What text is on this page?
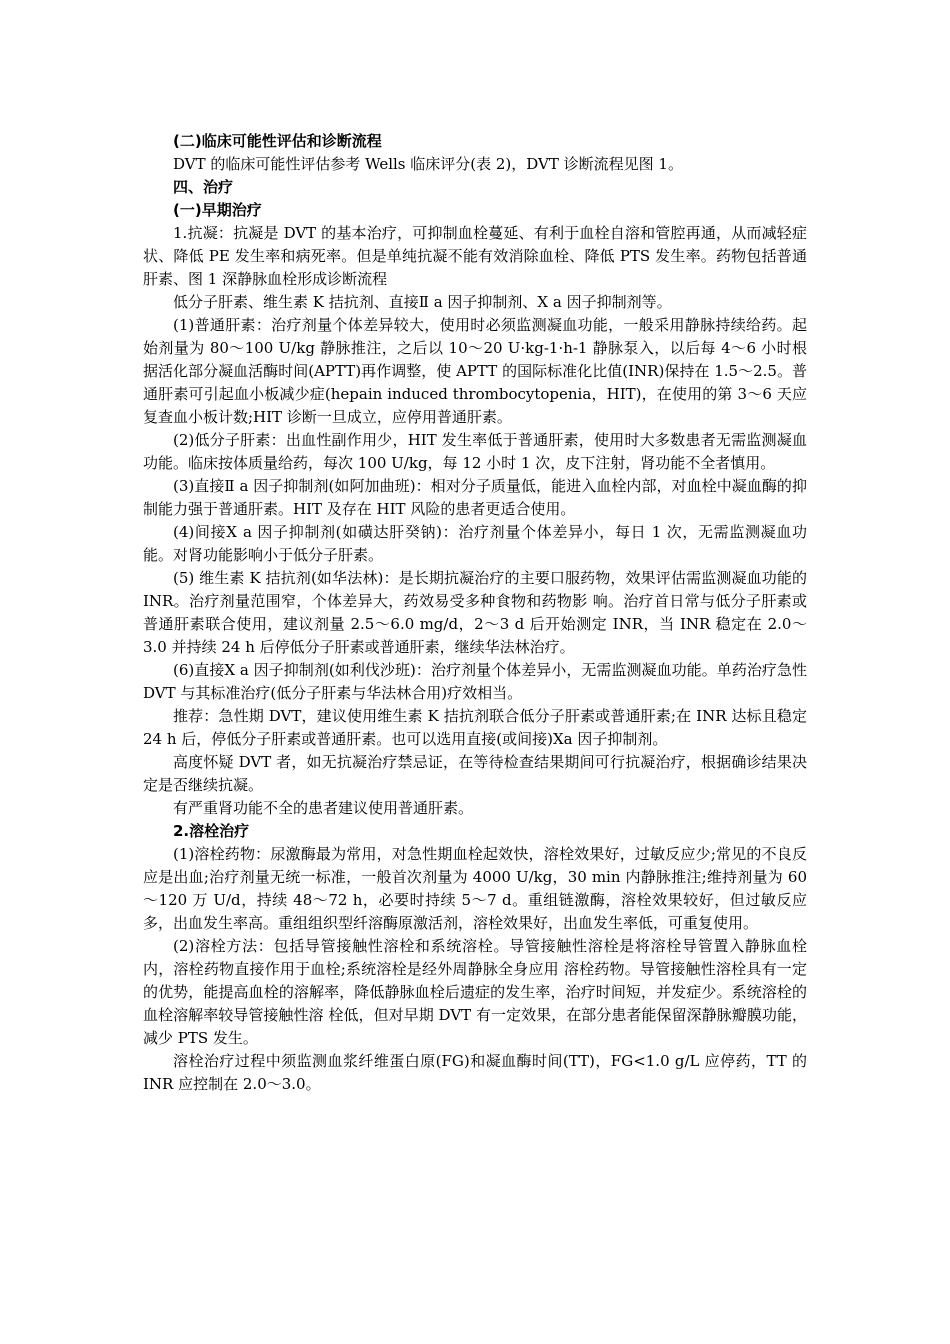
(二)临床可能性评估和诊断流程

DVT 的临床可能性评估参考 Wells 临床评分(表 2)，DVT 诊断流程见图 1。

四、治疗

(一)早期治疗

1.抗凝：抗凝是 DVT 的基本治疗，可抑制血栓蔓延、有利于血栓自溶和管腔再通，从而减轻症状、降低 PE 发生率和病死率。但是单纯抗凝不能有效消除血栓、降低 PTS 发生率。药物包括普通肝素、图 1 深静脉血栓形成诊断流程

低分子肝素、维生素 K 拮抗剂、直接Ⅱ a 因子抑制剂、Ⅹ a 因子抑制剂等。

(1)普通肝素：治疗剂量个体差异较大，使用时必须监测凝血功能，一般采用静脉持续给药。起始剂量为 80～100 U/kg 静脉推注，之后以 10～20 U·kg-1·h-1 静脉泵入，以后每 4～6 小时根据活化部分凝血活酶时间(APTT)再作调整，使 APTT 的国际标准化比值(INR)保持在 1.5～2.5。普通肝素可引起血小板减少症(hepain induced thrombocytopenia，HIT)，在使用的第 3～6 天应复查血小板计数;HIT 诊断一旦成立，应停用普通肝素。

(2)低分子肝素：出血性副作用少，HIT 发生率低于普通肝素，使用时大多数患者无需监测凝血功能。临床按体质量给药，每次 100 U/kg，每 12 小时 1 次，皮下注射，肾功能不全者慎用。

(3)直接Ⅱ a 因子抑制剂(如阿加曲班)：相对分子质量低，能进入血栓内部，对血栓中凝血酶的抑制能力强于普通肝素。HIT 及存在 HIT 风险的患者更适合使用。

(4)间接Ⅹ a 因子抑制剂(如磺达肝癸钠)：治疗剂量个体差异小，每日 1 次，无需监测凝血功能。对肾功能影响小于低分子肝素。

(5) 维生素 K 拮抗剂(如华法林)：是长期抗凝治疗的主要口服药物，效果评估需监测凝血功能的 INR。治疗剂量范围窄，个体差异大，药效易受多种食物和药物影 响。治疗首日常与低分子肝素或普通肝素联合使用，建议剂量 2.5～6.0 mg/d，2～3 d 后开始测定 INR，当 INR 稳定在 2.0～3.0 并持续 24 h 后停低分子肝素或普通肝素，继续华法林治疗。

(6)直接Ⅹ a 因子抑制剂(如利伐沙班)：治疗剂量个体差异小，无需监测凝血功能。单药治疗急性 DVT 与其标准治疗(低分子肝素与华法林合用)疗效相当。

推荐：急性期 DVT，建议使用维生素 K 拮抗剂联合低分子肝素或普通肝素;在 INR 达标且稳定 24 h 后，停低分子肝素或普通肝素。也可以选用直接(或间接)Xa 因子抑制剂。

高度怀疑 DVT 者，如无抗凝治疗禁忌证，在等待检查结果期间可行抗凝治疗，根据确诊结果决定是否继续抗凝。

有严重肾功能不全的患者建议使用普通肝素。

2.溶栓治疗

(1)溶栓药物：尿激酶最为常用，对急性期血栓起效快，溶栓效果好，过敏反应少;常见的不良反应是出血;治疗剂量无统一标准，一般首次剂量为 4000 U/kg，30 min 内静脉推注;维持剂量为 60～120 万 U/d，持续 48～72 h，必要时持续 5～7 d。重组链激酶，溶栓效果较好，但过敏反应多，出血发生率高。重组组织型纤溶酶原激活剂，溶栓效果好，出血发生率低，可重复使用。

(2)溶栓方法：包括导管接触性溶栓和系统溶栓。导管接触性溶栓是将溶栓导管置入静脉血栓内，溶栓药物直接作用于血栓;系统溶栓是经外周静脉全身应用 溶栓药物。导管接触性溶栓具有一定的优势，能提高血栓的溶解率，降低静脉血栓后遗症的发生率，治疗时间短，并发症少。系统溶栓的血栓溶解率较导管接触性溶 栓低，但对早期 DVT 有一定效果，在部分患者能保留深静脉瓣膜功能，减少 PTS 发生。

溶栓治疗过程中须监测血浆纤维蛋白原(FG)和凝血酶时间(TT)，FG<1.0 g/L 应停药，TT 的 INR 应控制在 2.0～3.0。
